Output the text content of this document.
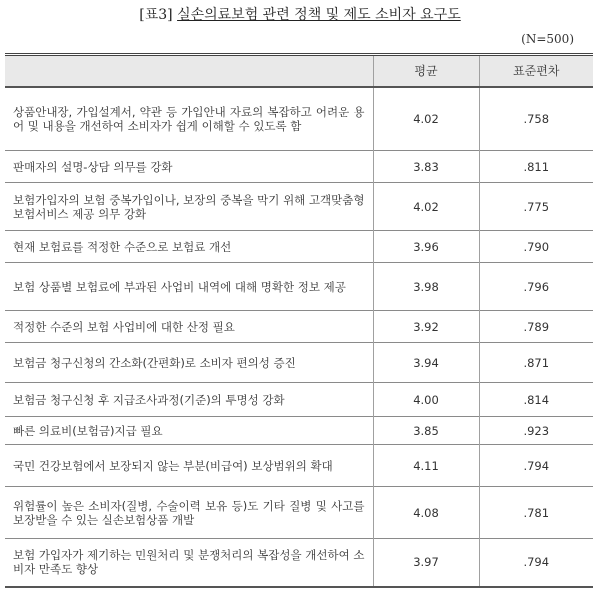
[표3] 실손의료보험 관련 정책 및 제도 소비자 요구도
(N=500)
	평균	표준편차
상품안내장, 가입설계서, 약관 등 가입안내 자료의 복잡하고 어려운 용어 및 내용을 개선하여 소비자가 쉽게 이해할 수 있도록 함	4.02	.758
판매자의 설명-상담 의무를 강화	3.83	.811
보험가입자의 보험 중복가입이나, 보장의 중복을 막기 위해 고객맞춤형 보험서비스 제공 의무 강화	4.02	.775
현재 보험료를 적정한 수준으로 보험료 개선	3.96	.790
보험 상품별 보험료에 부과된 사업비 내역에 대해 명확한 정보 제공	3.98	.796
적정한 수준의 보험 사업비에 대한 산정 필요	3.92	.789
보험금 청구신청의 간소화(간편화)로 소비자 편의성 증진	3.94	.871
보험금 청구신청 후 지급조사과정(기준)의 투명성 강화	4.00	.814
빠른 의료비(보험금)지급 필요	3.85	.923
국민 건강보험에서 보장되지 않는 부분(비급여) 보상범위의 확대	4.11	.794
위험률이 높은 소비자(질병, 수술이력 보유 등)도 기타 질병 및 사고를 보장받을 수 있는 실손보험상품 개발	4.08	.781
보험 가입자가 제기하는 민원처리 및 분쟁처리의 복잡성을 개선하여 소비자 만족도 향상	3.97	.794
